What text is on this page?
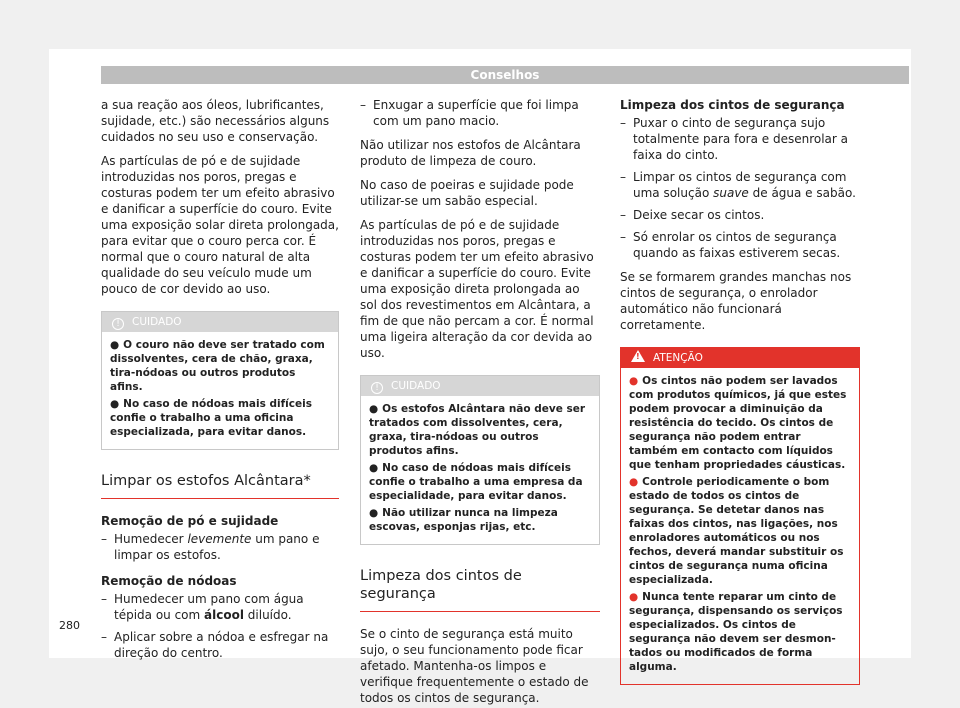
Conselhos

a sua reação aos óleos, lubrificantes, sujidade, etc.) são necessários alguns cuidados no seu uso e conservação.

As partículas de pó e de sujidade introduzidas nos poros, pregas e costuras podem ter um efeito abrasivo e danificar a superfície do couro. Evite uma exposição solar direta prolongada, para evitar que o couro perca cor. É normal que o couro natural de alta qualidade do seu veículo mude um pouco de cor devido ao uso.

! CUIDADO
● O couro não deve ser tratado com dissolventes, cera de chão, graxa, tira-nódoas ou outros produtos afins.
● No caso de nódoas mais difíceis confie o trabalho a uma oficina especializada, para evitar danos.
Limpar os estofos Alcântara*
Remoção de pó e sujidade
– Humedecer levemente um pano e limpar os estofos.
Remoção de nódoas
– Humedecer um pano com água tépida ou com álcool diluído.
– Aplicar sobre a nódoa e esfregar na direção do centro.
– Enxugar a superfície que foi limpa com um pano macio.

Não utilizar nos estofos de Alcântara produto de limpeza de couro.

No caso de poeiras e sujidade pode utilizar-se um sabão especial.

As partículas de pó e de sujidade introduzidas nos poros, pregas e costuras podem ter um efeito abrasivo e danificar a superfície do couro. Evite uma exposição direta prolongada ao sol dos revestimentos em Alcântara, a fim de que não percam a cor. É normal uma ligeira alteração da cor devida ao uso.

! CUIDADO
● Os estofos Alcântara não deve ser tratados com dissolventes, cera, graxa, tira-nódoas ou outros produtos afins.
● No caso de nódoas mais difíceis confie o trabalho a uma empresa da especialidade, para evitar danos.
● Não utilizar nunca na limpeza escovas, esponjas rijas, etc.
Limpeza dos cintos de segurança

Se o cinto de segurança está muito sujo, o seu funcionamento pode ficar afetado. Mantenha-os limpos e verifique frequentemente o estado de todos os cintos de segurança.

Limpeza dos cintos de segurança
– Puxar o cinto de segurança sujo totalmente para fora e desenrolar a faixa do cinto.
– Limpar os cintos de segurança com uma solução suave de água e sabão.
– Deixe secar os cintos.
– Só enrolar os cintos de segurança quando as faixas estiverem secas.

Se se formarem grandes manchas nos cintos de segurança, o enrolador automático não funcionará corretamente.

! ATENÇÃO
● Os cintos não podem ser lavados com produtos químicos, já que estes podem provocar a diminuição da resistência do tecido. Os cintos de segurança não podem entrar também em contacto com líquidos que tenham propriedades cáusticas.
● Controle periodicamente o bom estado de todos os cintos de segurança. Se detetar danos nas faixas dos cintos, nas ligações, nos enroladores automáticos ou nos fechos, deverá mandar substituir os cintos de segurança numa oficina especializada.
● Nunca tente reparar um cinto de segurança, dispensando os serviços especializados. Os cintos de segurança não devem ser desmontados ou modificados de forma alguma.
280
